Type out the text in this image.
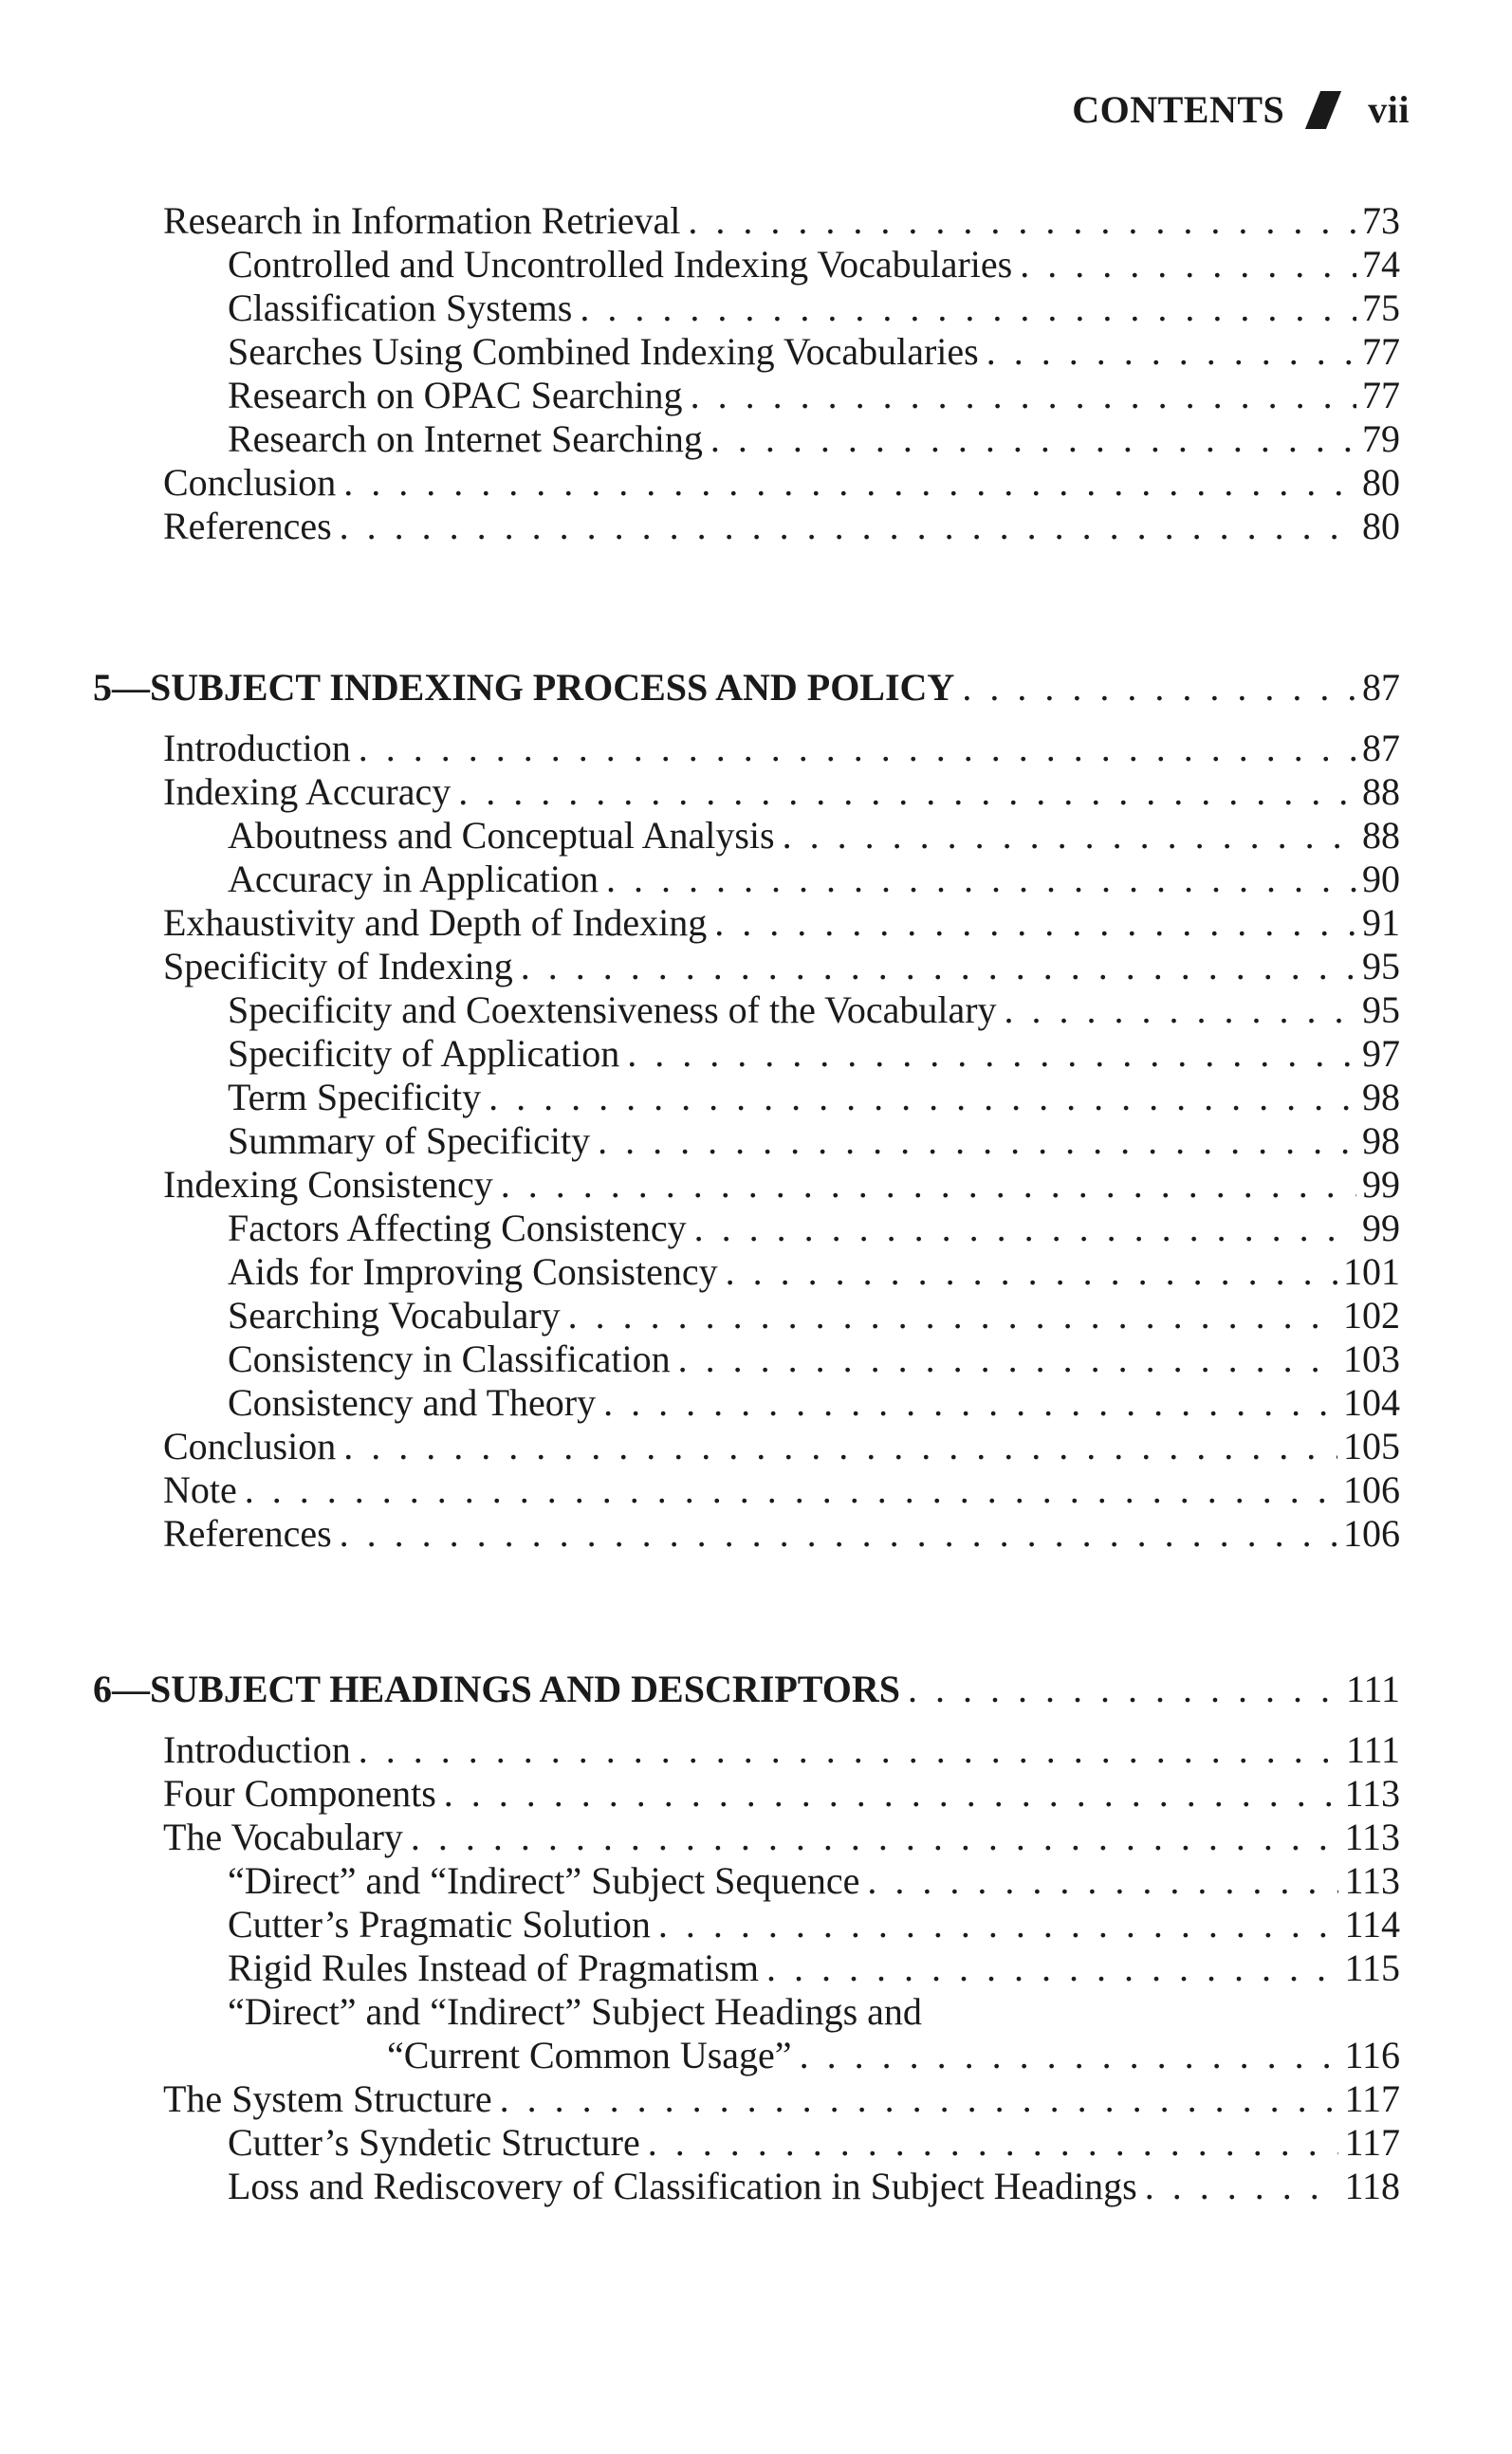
CONTENTS vii
Research in Information Retrieval . . .	73
Controlled and Uncontrolled Indexing Vocabularies . . .	74
Classification Systems . . .	75
Searches Using Combined Indexing Vocabularies . . .	77
Research on OPAC Searching . . .	77
Research on Internet Searching . . .	79
Conclusion . . .	80
References . . .	80
5—SUBJECT INDEXING PROCESS AND POLICY . . .	87
Introduction . . .	87
Indexing Accuracy . . .	88
Aboutness and Conceptual Analysis . . .	88
Accuracy in Application . . .	90
Exhaustivity and Depth of Indexing . . .	91
Specificity of Indexing . . .	95
Specificity and Coextensiveness of the Vocabulary . . .	95
Specificity of Application . . .	97
Term Specificity . . .	98
Summary of Specificity . . .	98
Indexing Consistency . . .	99
Factors Affecting Consistency . . .	99
Aids for Improving Consistency . . .	101
Searching Vocabulary . . .	102
Consistency in Classification . . .	103
Consistency and Theory . . .	104
Conclusion . . .	105
Note . . .	106
References . . .	106
6—SUBJECT HEADINGS AND DESCRIPTORS . . .	111
Introduction . . .	111
Four Components . . .	113
The Vocabulary . . .	113
“Direct” and “Indirect” Subject Sequence . . .	113
Cutter’s Pragmatic Solution . . .	114
Rigid Rules Instead of Pragmatism . . .	115
“Direct” and “Indirect” Subject Headings and
“Current Common Usage” . . .	116
The System Structure . . .	117
Cutter’s Syndetic Structure . . .	117
Loss and Rediscovery of Classification in Subject Headings . . .	118
